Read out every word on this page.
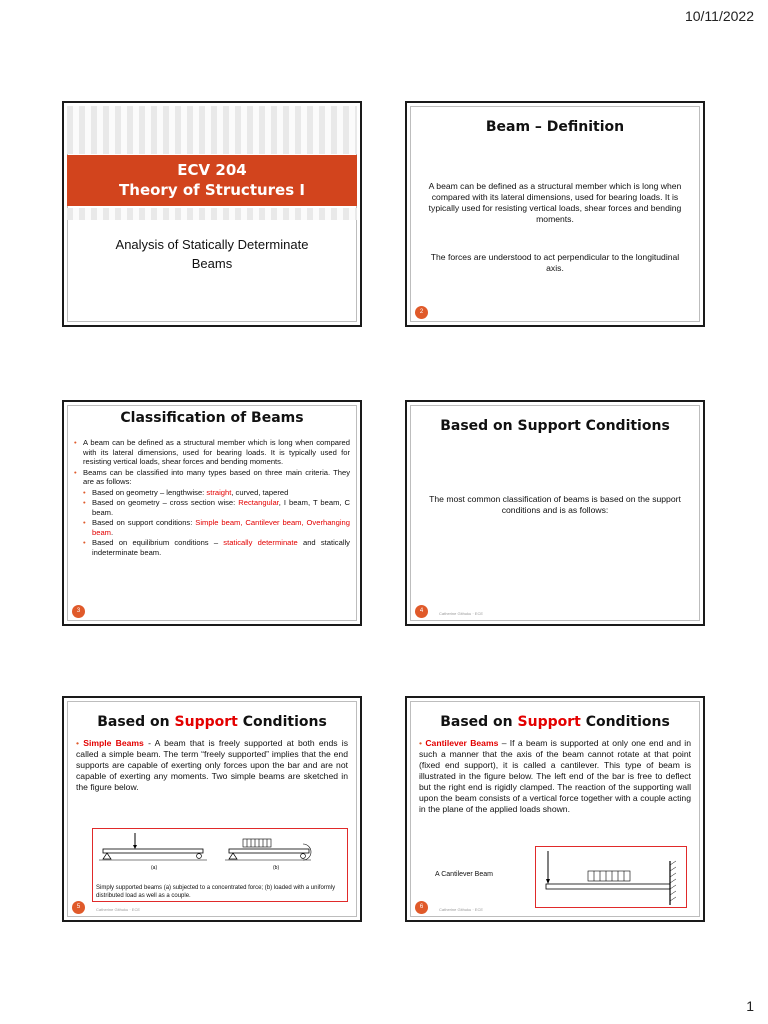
10/11/2022
ECV 204
Theory of Structures I
Analysis of Statically Determinate
Beams
Beam – Definition
A beam can be defined as a structural member which is long when compared with its lateral dimensions, used for bearing loads. It is typically used for resisting vertical loads, shear forces and bending moments.
The forces are understood to act perpendicular to the longitudinal axis.
2
Classification of Beams
• A beam can be defined as a structural member which is long when compared with its lateral dimensions, used for bearing loads. It is typically used for resisting vertical loads, shear forces and bending moments.
• Beams can be classified into many types based on three main criteria. They are as follows:
• Based on geometry – lengthwise: straight, curved, tapered
• Based on geometry – cross section wise: Rectangular, I beam, T beam, C beam.
• Based on support conditions: Simple beam, Cantilever beam, Overhanging beam.
• Based on equilibrium conditions – statically determinate and statically indeterminate beam.
3
Based on Support Conditions
The most common classification of beams is based on the support conditions and is as follows:
4	Catherine Githuku · ECE
Based on Support Conditions
• Simple Beams - A beam that is freely supported at both ends is called a simple beam. The term “freely supported” implies that the end supports are capable of exerting only forces upon the bar and are not capable of exerting any moments. Two simple beams are sketched in the figure below.
(a)	(b)
Simply supported beams (a) subjected to a concentrated force; (b) loaded with a uniformly distributed load as well as a couple.
5	Catherine Githuku · ECE
Based on Support Conditions
• Cantilever Beams – If a beam is supported at only one end and in such a manner that the axis of the beam cannot rotate at that point (fixed end support), it is called a cantilever. This type of beam is illustrated in the figure below. The left end of the bar is free to deflect but the right end is rigidly clamped. The reaction of the supporting wall upon the beam consists of a vertical force together with a couple acting in the plane of the applied loads shown.
A Cantilever Beam
6	Catherine Githuku · ECE
1
